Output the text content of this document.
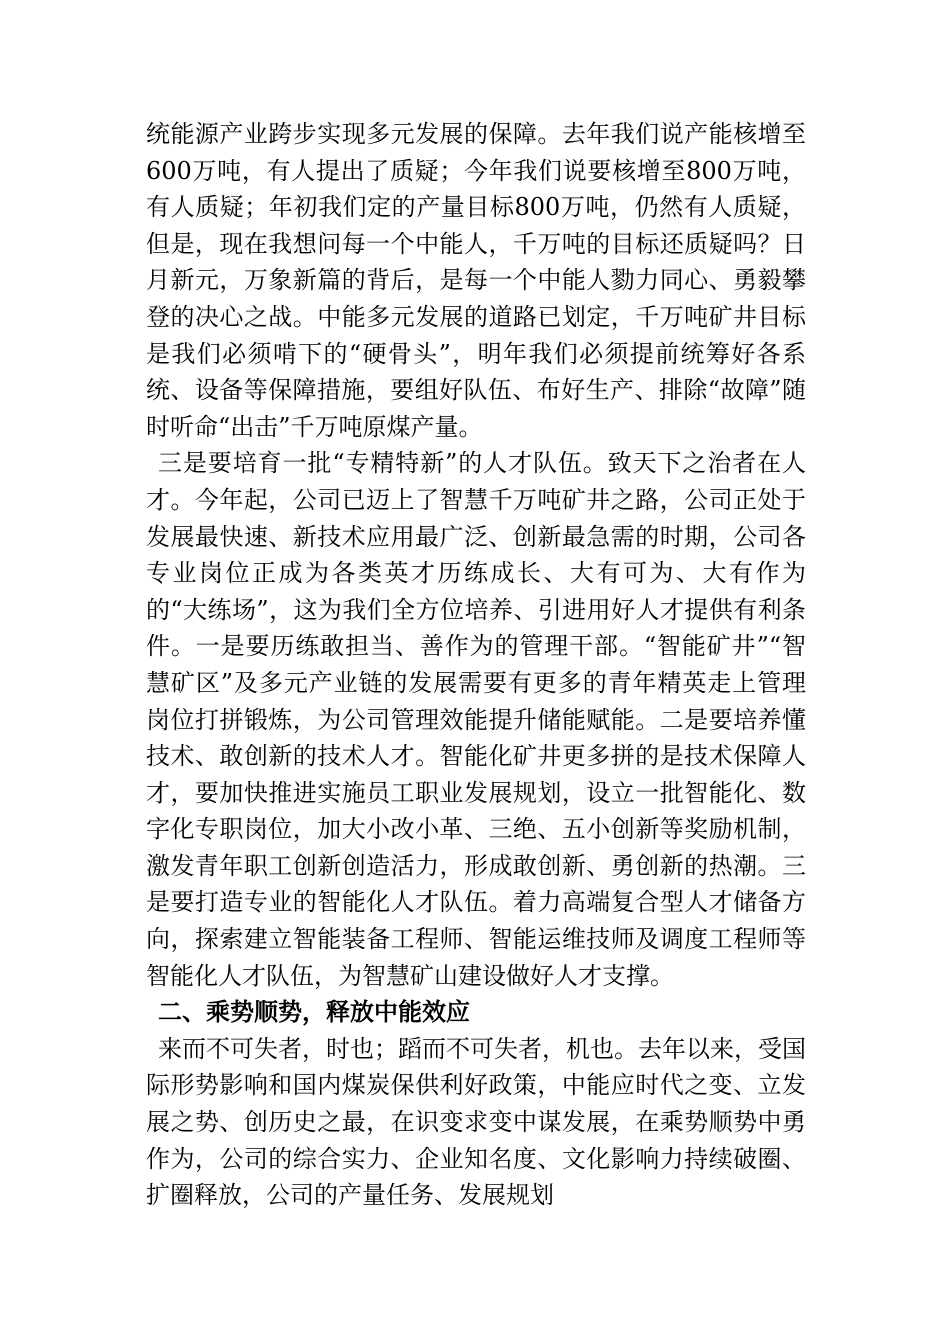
统能源产业跨步实现多元发展的保障。去年我们说产能核增至600万吨，有人提出了质疑；今年我们说要核增至800万吨，有人质疑；年初我们定的产量目标800万吨，仍然有人质疑，但是，现在我想问每一个中能人，千万吨的目标还质疑吗？日月新元，万象新篇的背后，是每一个中能人勠力同心、勇毅攀登的决心之战。中能多元发展的道路已划定，千万吨矿井目标是我们必须啃下的“硬骨头”，明年我们必须提前统筹好各系统、设备等保障措施，要组好队伍、布好生产、排除“故障”随时听命“出击”千万吨原煤产量。

三是要培育一批“专精特新”的人才队伍。致天下之治者在人才。今年起，公司已迈上了智慧千万吨矿井之路，公司正处于发展最快速、新技术应用最广泛、创新最急需的时期，公司各专业岗位正成为各类英才历练成长、大有可为、大有作为的“大练场”，这为我们全方位培养、引进用好人才提供有利条件。一是要历练敢担当、善作为的管理干部。“智能矿井”“智慧矿区”及多元产业链的发展需要有更多的青年精英走上管理岗位打拼锻炼，为公司管理效能提升储能赋能。二是要培养懂技术、敢创新的技术人才。智能化矿井更多拼的是技术保障人才，要加快推进实施员工职业发展规划，设立一批智能化、数字化专职岗位，加大小改小革、三绝、五小创新等奖励机制，激发青年职工创新创造活力，形成敢创新、勇创新的热潮。三是要打造专业的智能化人才队伍。着力高端复合型人才储备方向，探索建立智能装备工程师、智能运维技师及调度工程师等智能化人才队伍，为智慧矿山建设做好人才支撑。

二、乘势顺势，释放中能效应

来而不可失者，时也；蹈而不可失者，机也。去年以来，受国际形势影响和国内煤炭保供利好政策，中能应时代之变、立发展之势、创历史之最，在识变求变中谋发展，在乘势顺势中勇作为，公司的综合实力、企业知名度、文化影响力持续破圈、扩圈释放，公司的产量任务、发展规划
